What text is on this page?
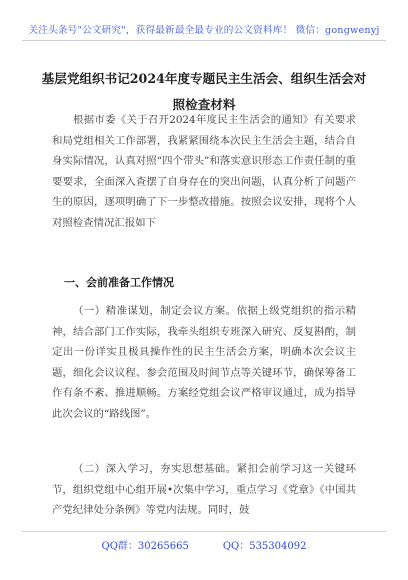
关注头条号"公文研究"，获得最新最全最专业的公文资料库！ 微信：gongwenyj
基层党组织书记2024年度专题民主生活会、组织生活会对
照检查材料

根据市委《关于召开2024年度民主生活会的通知》有关要求和局党组相关工作部署，我紧紧围绕本次民主生活会主题，结合自身实际情况，认真对照“四个带头”和落实意识形态工作责任制的重要要求，全面深入查摆了自身存在的突出问题，认真分析了问题产生的原因，逐项明确了下一步整改措施。按照会议安排，现将个人对照检查情况汇报如下

一、会前准备工作情况

（一）精准谋划，制定会议方案。依据上级党组织的指示精神，结合部门工作实际，我牵头组织专班深入研究、反复斟酌，制定出一份详实且极具操作性的民主生活会方案，明确本次会议主题，细化会议议程、参会范围及时间节点等关键环节，确保筹备工作有条不紊、推进顺畅。方案经党组会议严格审议通过，成为指导此次会议的“路线图”。

（二）深入学习，夯实思想基础。紧扣会前学习这一关键环节，组织党组中心组开展•次集中学习，重点学习《党章》《中国共产党纪律处分条例》等党内法规。同时，鼓

QQ群：30265665	QQ：535304092
